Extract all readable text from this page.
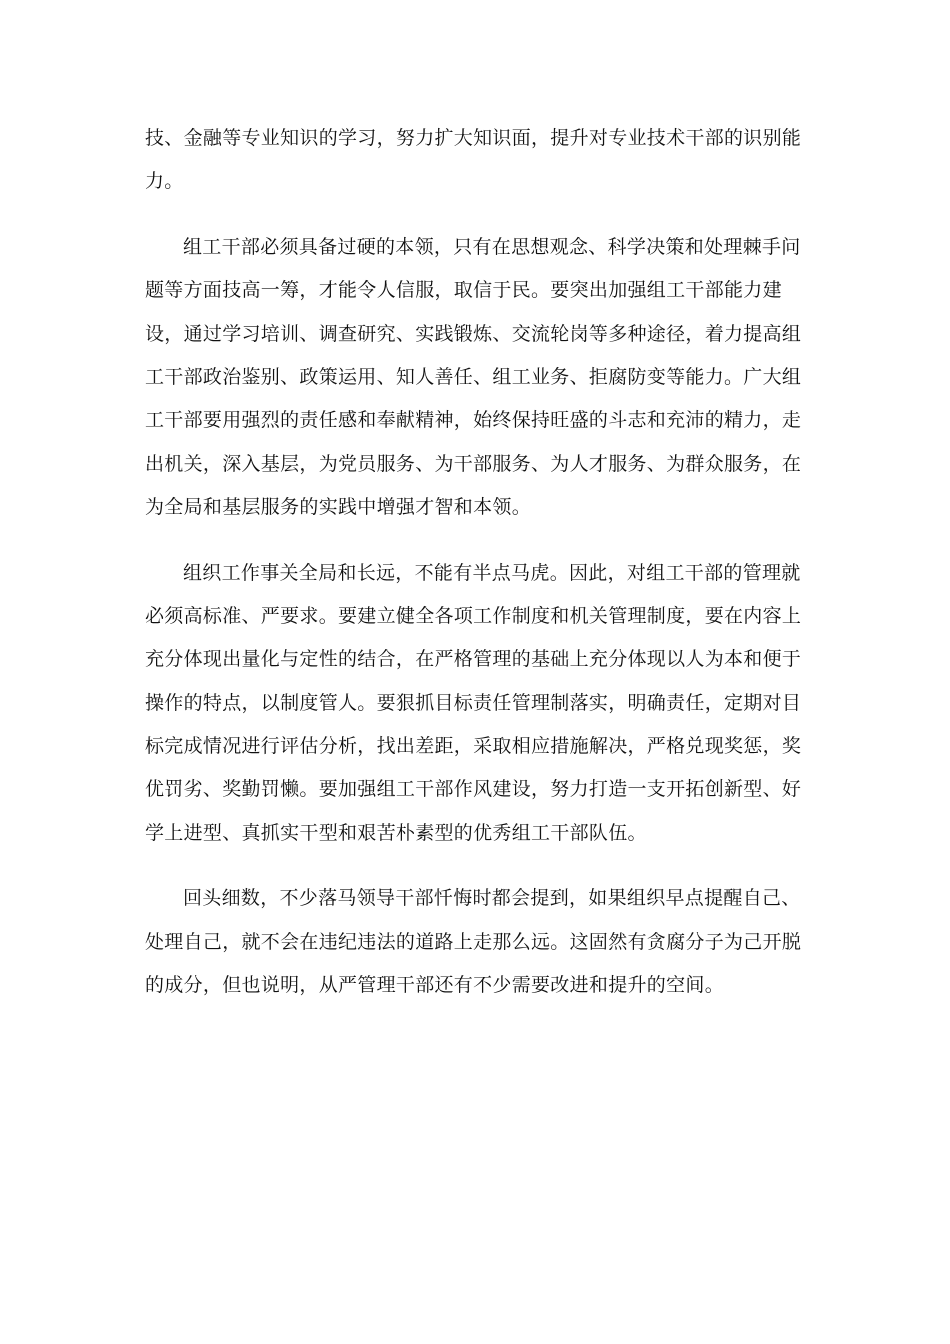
技、金融等专业知识的学习，努力扩大知识面，提升对专业技术干部的识别能
力。
组工干部必须具备过硬的本领，只有在思想观念、科学决策和处理棘手问
题等方面技高一筹，才能令人信服，取信于民。要突出加强组工干部能力建
设，通过学习培训、调查研究、实践锻炼、交流轮岗等多种途径，着力提高组
工干部政治鉴别、政策运用、知人善任、组工业务、拒腐防变等能力。广大组
工干部要用强烈的责任感和奉献精神，始终保持旺盛的斗志和充沛的精力，走
出机关，深入基层，为党员服务、为干部服务、为人才服务、为群众服务，在
为全局和基层服务的实践中增强才智和本领。
组织工作事关全局和长远，不能有半点马虎。因此，对组工干部的管理就
必须高标准、严要求。要建立健全各项工作制度和机关管理制度，要在内容上
充分体现出量化与定性的结合，在严格管理的基础上充分体现以人为本和便于
操作的特点，以制度管人。要狠抓目标责任管理制落实，明确责任，定期对目
标完成情况进行评估分析，找出差距，采取相应措施解决，严格兑现奖惩，奖
优罚劣、奖勤罚懒。要加强组工干部作风建设，努力打造一支开拓创新型、好
学上进型、真抓实干型和艰苦朴素型的优秀组工干部队伍。
回头细数，不少落马领导干部忏悔时都会提到，如果组织早点提醒自己、
处理自己，就不会在违纪违法的道路上走那么远。这固然有贪腐分子为己开脱
的成分，但也说明，从严管理干部还有不少需要改进和提升的空间。
